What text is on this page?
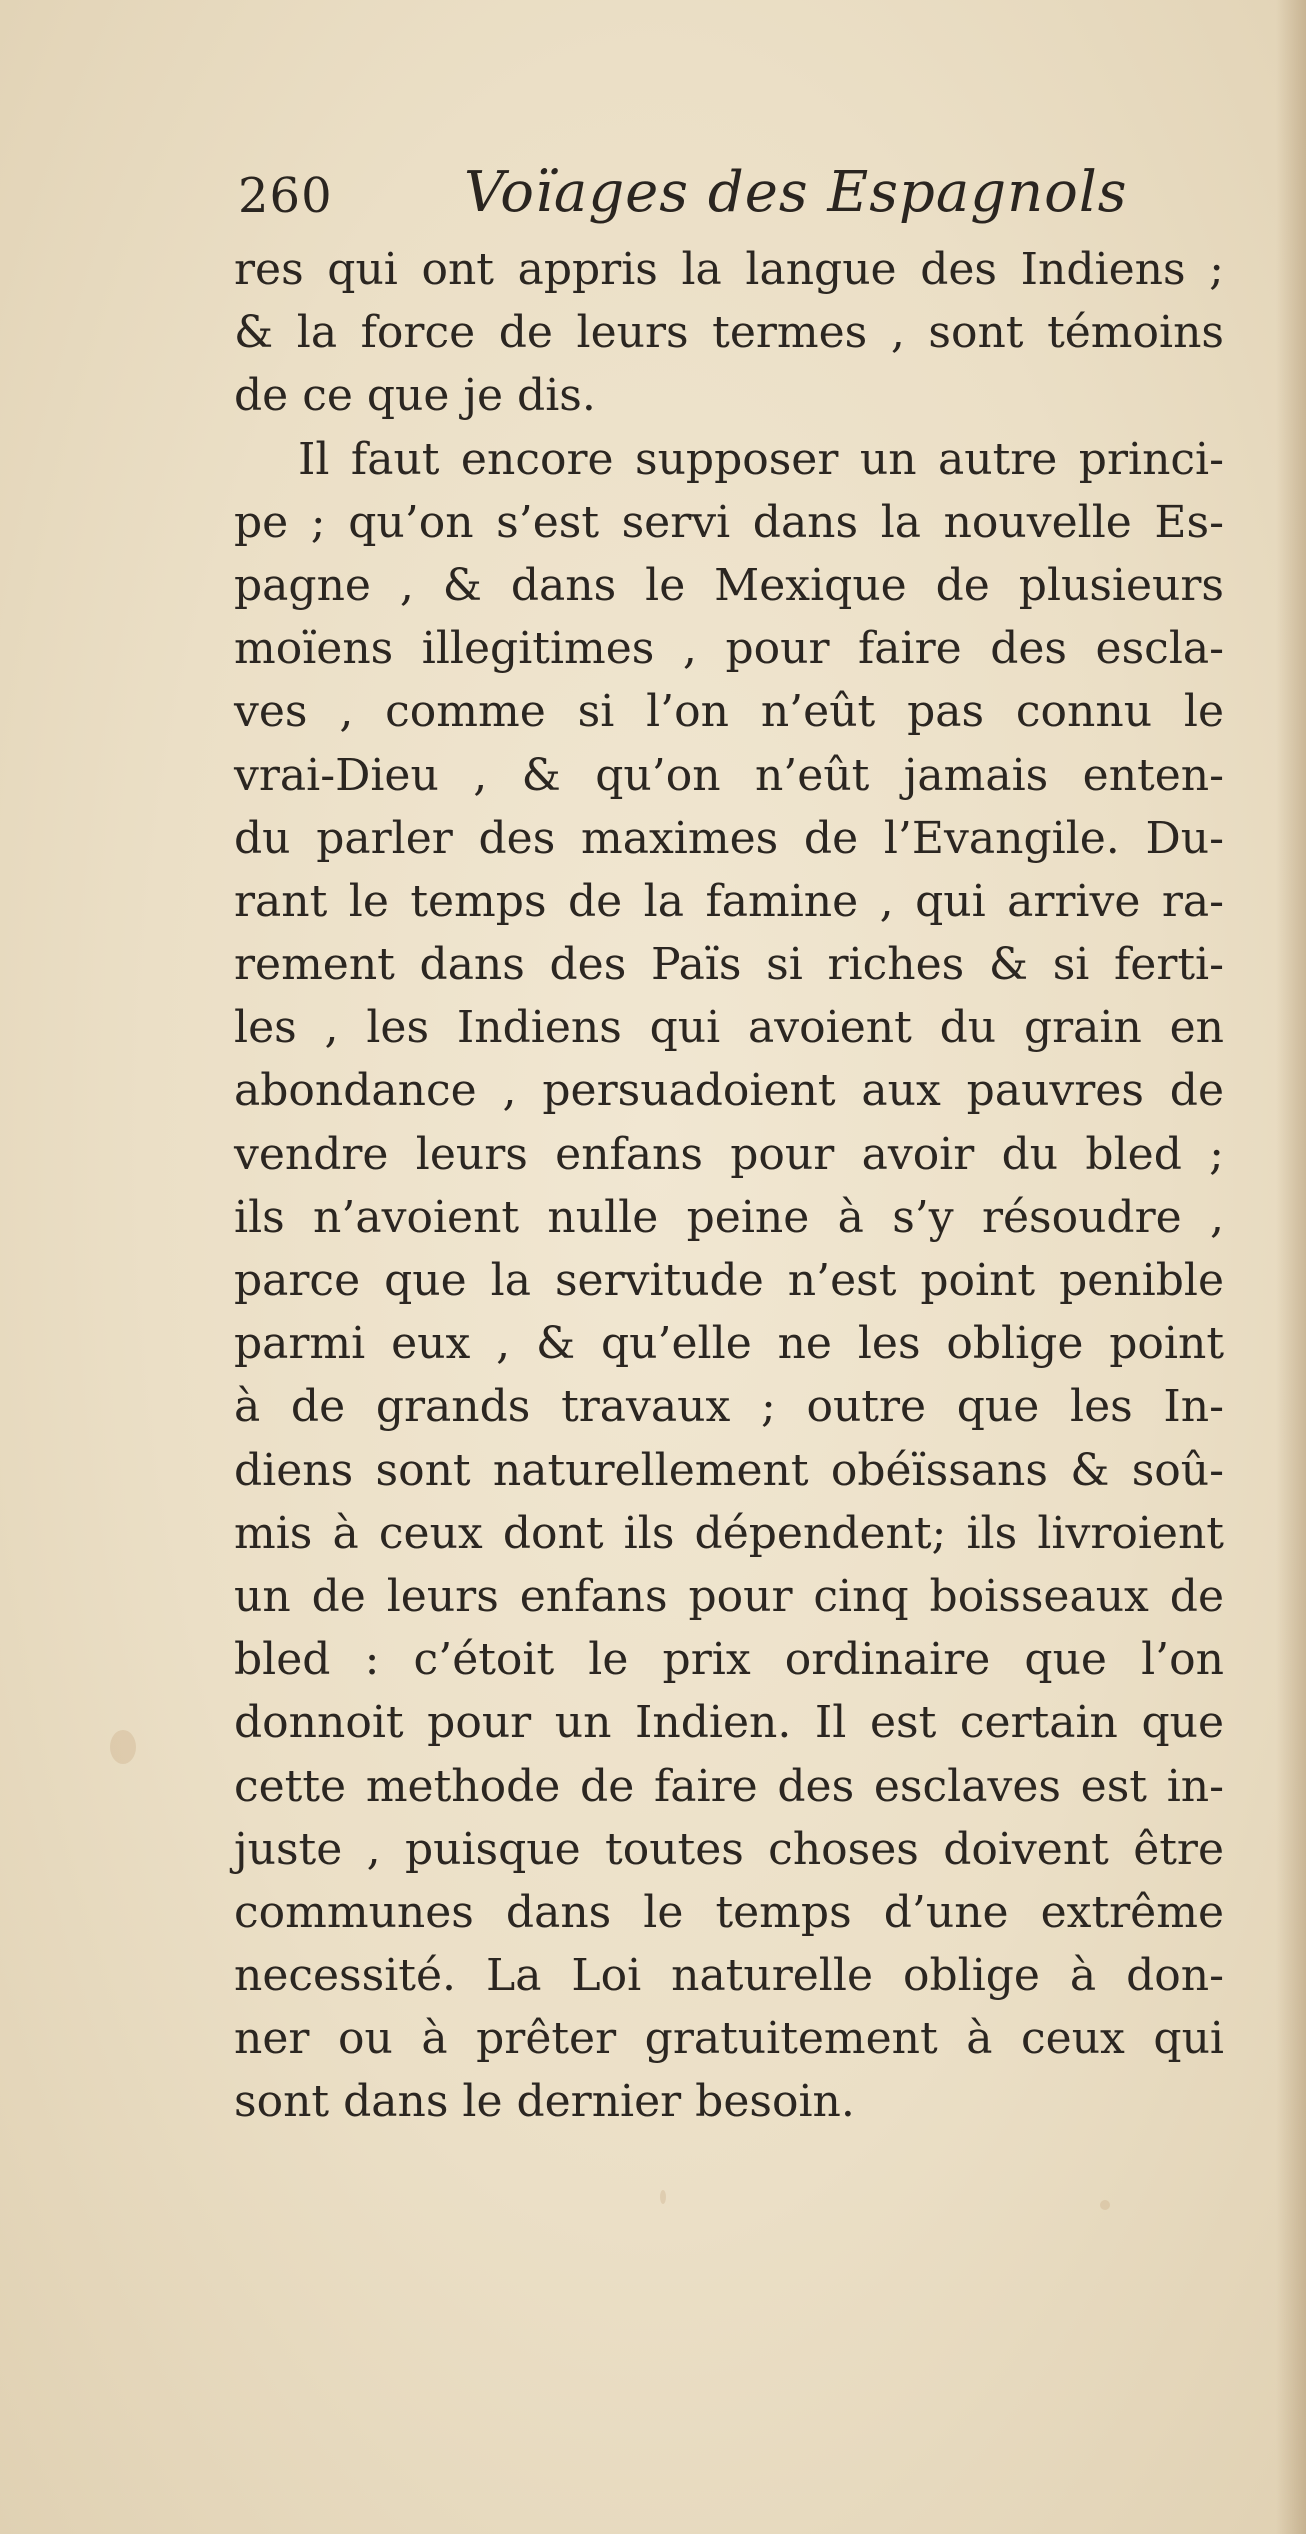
260 Voïages des Espagnols
res qui ont appris la langue des Indiens ;
& la force de leurs termes , sont témoins
de ce que je dis.
Il faut encore supposer un autre princi-
pe ; qu’on s’est servi dans la nouvelle Es-
pagne , & dans le Mexique de plusieurs
moïens illegitimes , pour faire des escla-
ves , comme si l’on n’eût pas connu le
vrai-Dieu , & qu’on n’eût jamais enten-
du parler des maximes de l’Evangile. Du-
rant le temps de la famine , qui arrive ra-
rement dans des Païs si riches & si ferti-
les , les Indiens qui avoient du grain en
abondance , persuadoient aux pauvres de
vendre leurs enfans pour avoir du bled ;
ils n’avoient nulle peine à s’y résoudre ,
parce que la servitude n’est point penible
parmi eux , & qu’elle ne les oblige point
à de grands travaux ; outre que les In-
diens sont naturellement obéïssans & soû-
mis à ceux dont ils dépendent; ils livroient
un de leurs enfans pour cinq boisseaux de
bled : c’étoit le prix ordinaire que l’on
donnoit pour un Indien. Il est certain que
cette methode de faire des esclaves est in-
juste , puisque toutes choses doivent être
communes dans le temps d’une extrême
necessité. La Loi naturelle oblige à don-
ner ou à prêter gratuitement à ceux qui
sont dans le dernier besoin.
